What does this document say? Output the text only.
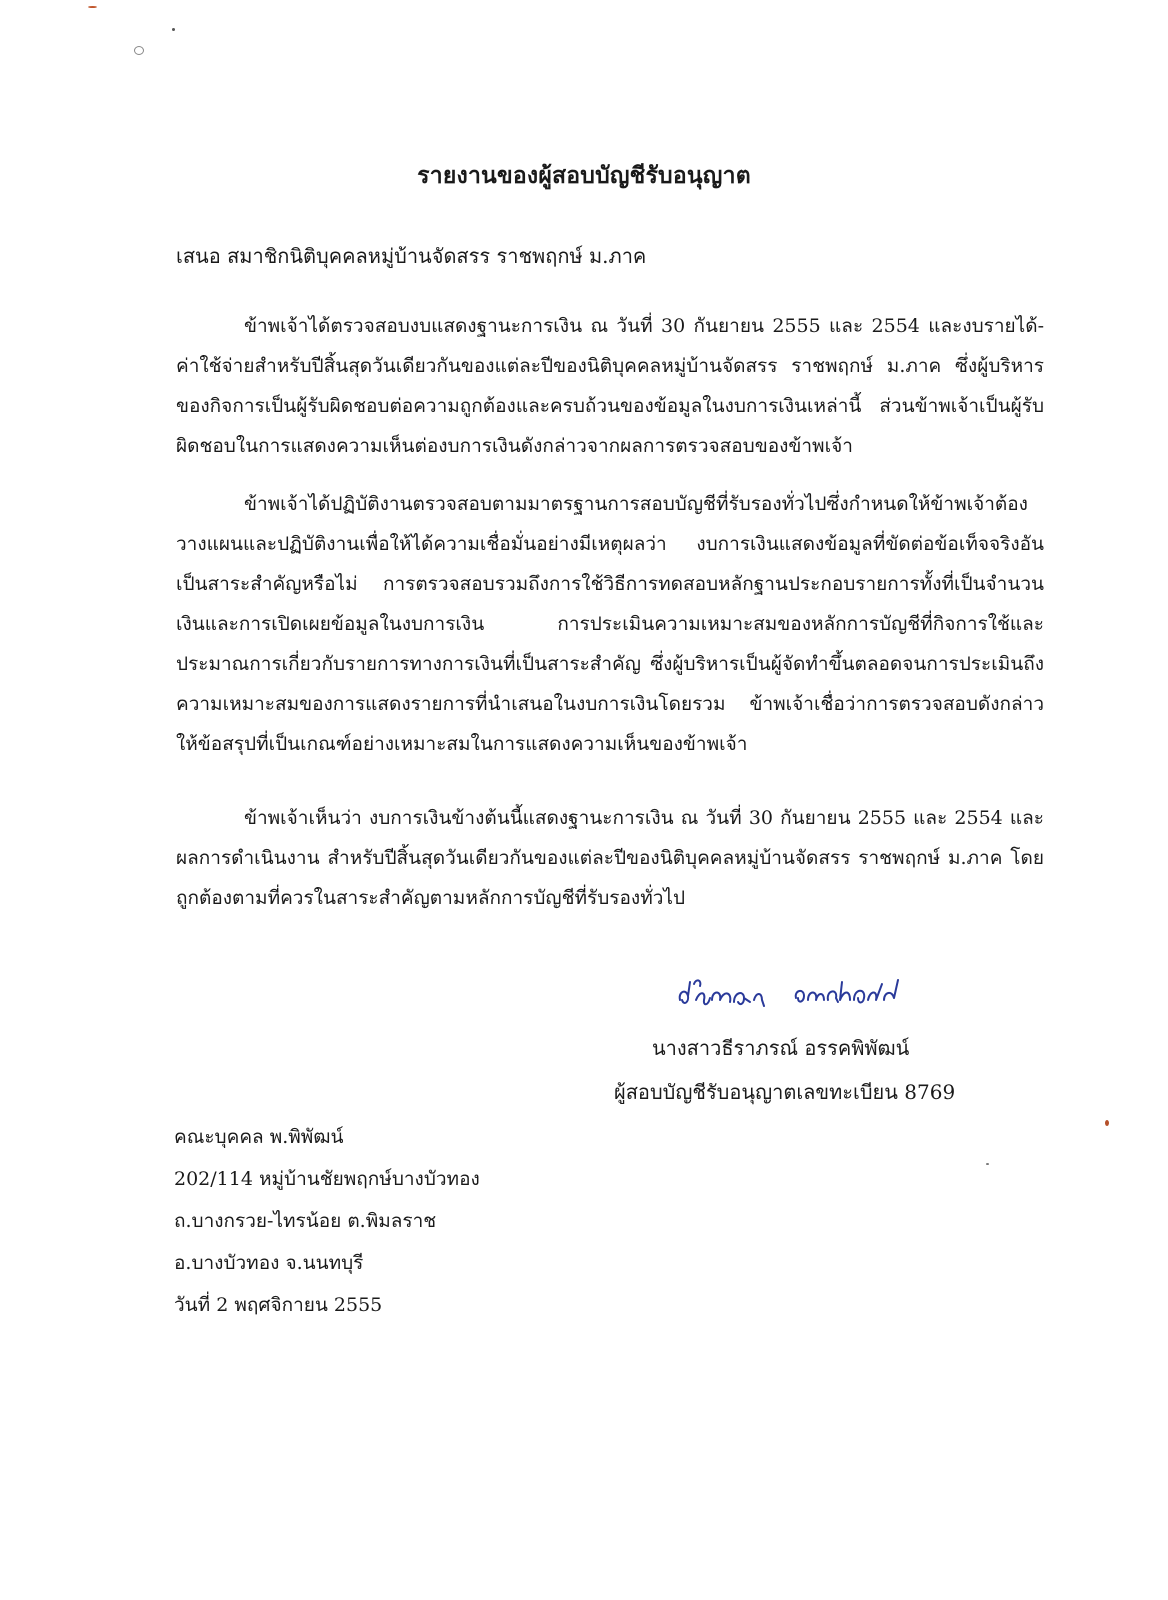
รายงานของผู้สอบบัญชีรับอนุญาต
เสนอ สมาชิกนิติบุคคลหมู่บ้านจัดสรร ราชพฤกษ์ ม.ภาค

ข้าพเจ้าได้ตรวจสอบงบแสดงฐานะการเงิน ณ วันที่ 30 กันยายน 2555 และ 2554 และงบรายได้-ค่าใช้จ่ายสำหรับปีสิ้นสุดวันเดียวกันของแต่ละปีของนิติบุคคลหมู่บ้านจัดสรร ราชพฤกษ์ ม.ภาค ซึ่งผู้บริหารของกิจการเป็นผู้รับผิดชอบต่อความถูกต้องและครบถ้วนของข้อมูลในงบการเงินเหล่านี้ ส่วนข้าพเจ้าเป็นผู้รับผิดชอบในการแสดงความเห็นต่องบการเงินดังกล่าวจากผลการตรวจสอบของข้าพเจ้า

ข้าพเจ้าได้ปฏิบัติงานตรวจสอบตามมาตรฐานการสอบบัญชีที่รับรองทั่วไปซึ่งกำหนดให้ข้าพเจ้าต้องวางแผนและปฏิบัติงานเพื่อให้ได้ความเชื่อมั่นอย่างมีเหตุผลว่า งบการเงินแสดงข้อมูลที่ขัดต่อข้อเท็จจริงอันเป็นสาระสำคัญหรือไม่ การตรวจสอบรวมถึงการใช้วิธีการทดสอบหลักฐานประกอบรายการทั้งที่เป็นจำนวนเงินและการเปิดเผยข้อมูลในงบการเงิน การประเมินความเหมาะสมของหลักการบัญชีที่กิจการใช้และประมาณการเกี่ยวกับรายการทางการเงินที่เป็นสาระสำคัญ ซึ่งผู้บริหารเป็นผู้จัดทำขึ้นตลอดจนการประเมินถึงความเหมาะสมของการแสดงรายการที่นำเสนอในงบการเงินโดยรวม ข้าพเจ้าเชื่อว่าการตรวจสอบดังกล่าวให้ข้อสรุปที่เป็นเกณฑ์อย่างเหมาะสมในการแสดงความเห็นของข้าพเจ้า

ข้าพเจ้าเห็นว่า งบการเงินข้างต้นนี้แสดงฐานะการเงิน ณ วันที่ 30 กันยายน 2555 และ 2554 และผลการดำเนินงาน สำหรับปีสิ้นสุดวันเดียวกันของแต่ละปีของนิติบุคคลหมู่บ้านจัดสรร ราชพฤกษ์ ม.ภาค โดยถูกต้องตามที่ควรในสาระสำคัญตามหลักการบัญชีที่รับรองทั่วไป

นางสาวธีราภรณ์ อรรคพิพัฒน์
ผู้สอบบัญชีรับอนุญาตเลขทะเบียน 8769
คณะบุคคล พ.พิพัฒน์
202/114 หมู่บ้านชัยพฤกษ์บางบัวทอง
ถ.บางกรวย-ไทรน้อย ต.พิมลราช
อ.บางบัวทอง จ.นนทบุรี
วันที่ 2 พฤศจิกายน 2555
